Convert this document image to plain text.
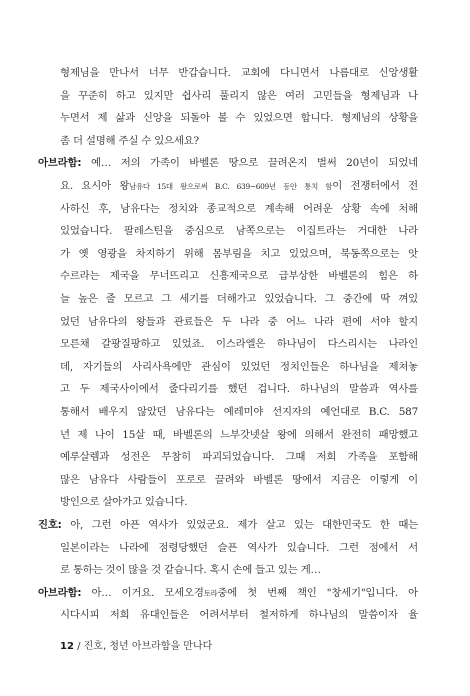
형제님을 만나서 너무 반갑습니다. 교회에 다니면서 나름대로 신앙생활
을 꾸준히 하고 있지만 쉽사리 풀리지 않은 여러 고민들을 형제님과 나
누면서 제 삶과 신앙을 되돌아 볼 수 있었으면 합니다. 형제님의 상황을
좀 더 설명해 주실 수 있으세요?
아브라함: 예… 저의 가족이 바벨론 땅으로 끌려온지 벌써 20년이 되었네
요. 요시아 왕남유다 15대 왕으로써 B.C. 639~609년 동안 통치 함이 전쟁터에서 전
사하신 후, 남유다는 정치와 종교적으로 계속해 어려운 상황 속에 처해
있었습니다. 팔레스틴을 중심으로 남쪽으로는 이집트라는 거대한 나라
가 옛 영광을 차지하기 위해 몸부림을 치고 있었으며, 북동쪽으로는 앗
수르라는 제국을 무너뜨리고 신흥제국으로 급부상한 바벨론의 힘은 하
늘 높은 줄 모르고 그 세기를 더해가고 있었습니다. 그 중간에 딱 껴있
었던 남유다의 왕들과 관료들은 두 나라 중 어느 나라 편에 서야 할지
모른채 갈팡질팡하고 있었죠. 이스라엘은 하나님이 다스리시는 나라인
데, 자기들의 사리사욕에만 관심이 있었던 정치인들은 하나님을 제쳐놓
고 두 제국사이에서 줄다리기를 했던 겁니다. 하나님의 말씀과 역사를
통해서 배우지 않았던 남유다는 예레미야 선지자의 예언대로 B.C. 587
년 제 나이 15살 때, 바벨론의 느부갓넷살 왕에 의해서 완전히 패망했고
예루살렘과 성전은 무참히 파괴되었습니다. 그때 저희 가족을 포함해
많은 남유다 사람들이 포로로 끌려와 바벨론 땅에서 지금은 이렇게 이
방인으로 살아가고 있습니다.
진호: 아, 그런 아픈 역사가 있었군요. 제가 살고 있는 대한민국도 한 때는
12 / 진호, 청년 아브라함을 만나다
일본이라는 나라에 점령당했던 슬픈 역사가 있습니다. 그런 점에서 서
로 통하는 것이 많을 것 같습니다. 혹시 손에 들고 있는 게…
아브라함: 아… 이거요. 모세오경토라중에 첫 번째 책인 "창세기"입니다. 아
시다시피 저희 유대인들은 어려서부터 철저하게 하나님의 말씀이자 율
